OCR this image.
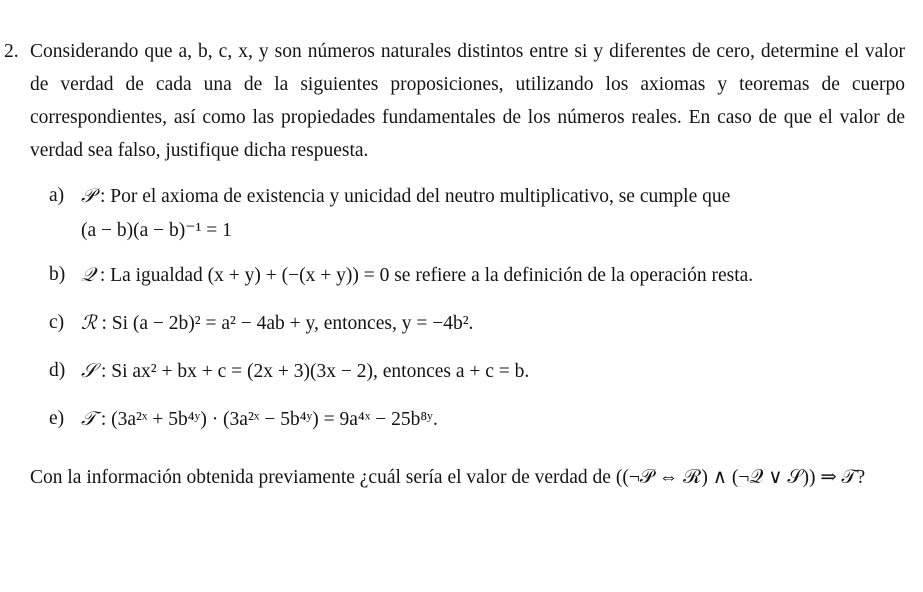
2. Considerando que a, b, c, x, y son números naturales distintos entre si y diferentes de cero, determine el valor de verdad de cada una de la siguientes proposiciones, utilizando los axiomas y teoremas de cuerpo correspondientes, así como las propiedades fundamentales de los números reales. En caso de que el valor de verdad sea falso, justifique dicha respuesta.

a) 𝒫 : Por el axioma de existencia y unicidad del neutro multiplicativo, se cumple que
(a − b)(a − b)⁻¹ = 1
b) 𝒬 : La igualdad (x + y) + (−(x + y)) = 0 se refiere a la definición de la operación resta.
c) ℛ : Si (a − 2b)² = a² − 4ab + y, entonces, y = −4b².
d) 𝒮 : Si ax² + bx + c = (2x + 3)(3x − 2), entonces a + c = b.
e) 𝒯 : (3a²ˣ + 5b⁴ʸ) · (3a²ˣ − 5b⁴ʸ) = 9a⁴ˣ − 25b⁸ʸ.

Con la información obtenida previamente ¿cuál sería el valor de verdad de ((¬𝒫 ⇔ ℛ) ∧ (¬𝒬 ∨ 𝒮)) ⇒ 𝒯?
